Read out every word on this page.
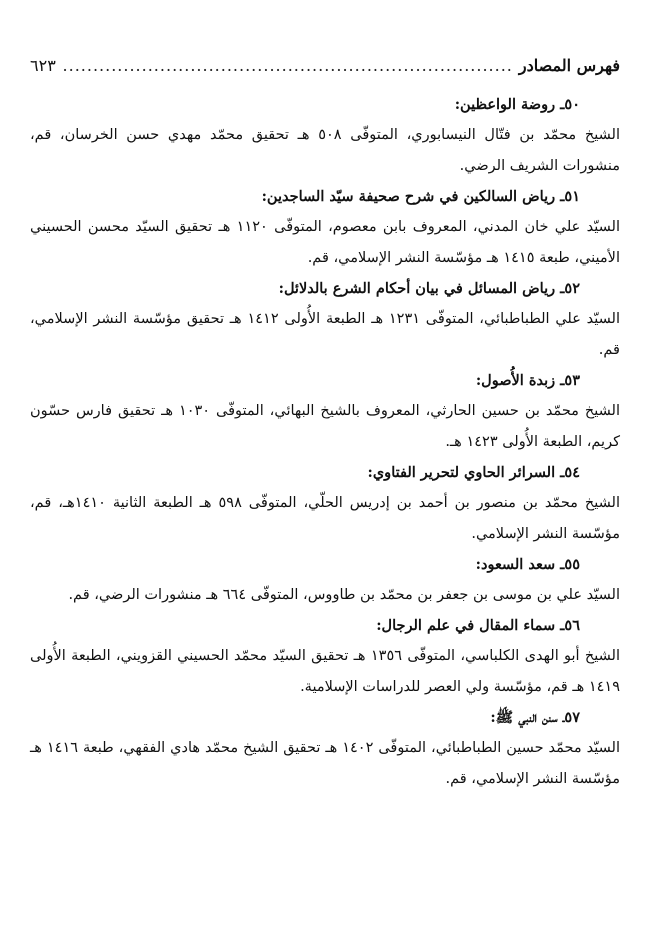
فهرس المصادر
.....
٦٢٣
٥٠ـ روضة الواعظين:
الشيخ محمّد بن فتّال النيسابوري، المتوفّى ٥٠٨ هـ تحقيق محمّد مهدي حسن الخرسان، قم، منشورات الشريف الرضي.
٥١ـ رياض السالكين في شرح صحيفة سيّد الساجدين:
السيّد علي خان المدني، المعروف بابن معصوم، المتوفّى ١١٢٠ هـ تحقيق السيّد محسن الحسيني الأميني، طبعة ١٤١٥ هـ مؤسّسة النشر الإسلامي، قم.
٥٢ـ رياض المسائل في بيان أحكام الشرع بالدلائل:
السيّد علي الطباطبائي، المتوفّى ١٢٣١ هـ الطبعة الأُولى ١٤١٢ هـ تحقيق مؤسّسة النشر الإسلامي، قم.
٥٣ـ زبدة الأُصول:
الشيخ محمّد بن حسين الحارثي، المعروف بالشيخ البهائي، المتوفّى ١٠٣٠ هـ تحقيق فارس حسّون كريم، الطبعة الأُولى ١٤٢٣ هـ.
٥٤ـ السرائر الحاوي لتحرير الفتاوي:
الشيخ محمّد بن منصور بن أحمد بن إدريس الحلّي، المتوفّى ٥٩٨ هـ الطبعة الثانية ١٤١٠هـ، قم، مؤسّسة النشر الإسلامي.
٥٥ـ سعد السعود:
السيّد علي بن موسى بن جعفر بن محمّد بن طاووس، المتوفّى ٦٦٤ هـ منشورات الرضي، قم.
٥٦ـ سماء المقال في علم الرجال:
الشيخ أبو الهدى الكلباسي، المتوفّى ١٣٥٦ هـ تحقيق السيّد محمّد الحسيني القزويني، الطبعة الأُولى ١٤١٩ هـ قم، مؤسّسة ولي العصر للدراسات الإسلامية.
٥٧ـ سنن النبي ﷺ:
السيّد محمّد حسين الطباطبائي، المتوفّى ١٤٠٢ هـ تحقيق الشيخ محمّد هادي الفقهي، طبعة ١٤١٦ هـ مؤسّسة النشر الإسلامي، قم.
